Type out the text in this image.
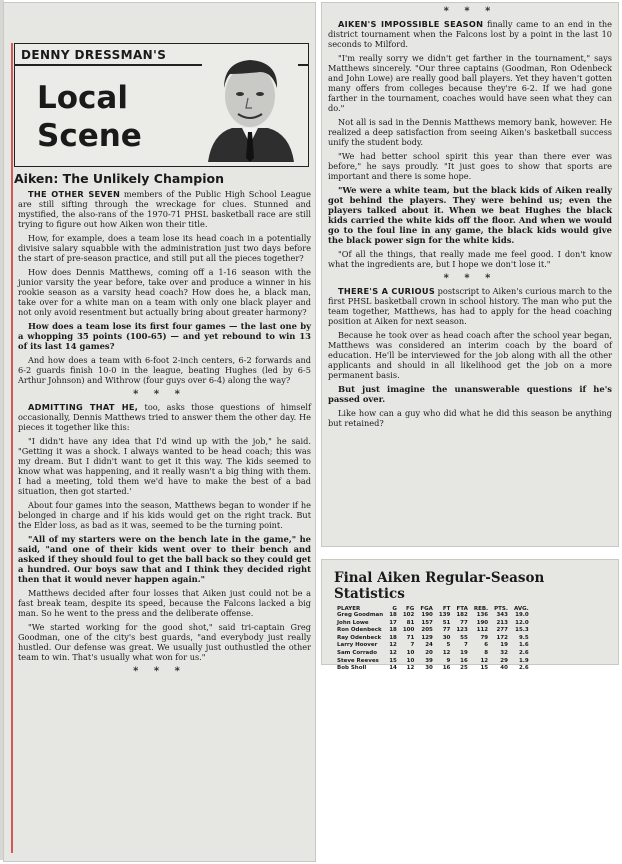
DENNY DRESSMAN'S
Local
Scene
Aiken: The Unlikely Champion

THE OTHER SEVEN members of the Public High School League are still sifting through the wreckage for clues. Stunned and mystified, the also-rans of the 1970-71 PHSL basketball race are still trying to figure out how Aiken won their title.

How, for example, does a team lose its head coach in a potentially divisive salary squabble with the administration just two days before the start of pre-season practice, and still put all the pieces together?

How does Dennis Matthews, coming off a 1-16 season with the junior varsity the year before, take over and produce a winner in his rookie season as a varsity head coach? How does he, a black man, take over for a white man on a team with only one black player and not only avoid resentment but actually bring about greater harmony?

How does a team lose its first four games — the last one by a whopping 35 points (100-65) — and yet rebound to win 13 of its last 14 games?

And how does a team with 6-foot 2-inch centers, 6-2 forwards and 6-2 guards finish 10-0 in the league, beating Hughes (led by 6-5 Arthur Johnson) and Withrow (four guys over 6-4) along the way?

* * *

ADMITTING THAT HE, too, asks those questions of himself occasionally, Dennis Matthews tried to answer them the other day. He pieces it together like this:

"I didn't have any idea that I'd wind up with the job," he said. "Getting it was a shock. I always wanted to be head coach; this was my dream. But I didn't want to get it this way. The kids seemed to know what was happening, and it really wasn't a big thing with them. I had a meeting, told them we'd have to make the best of a bad situation, then got started.'

About four games into the season, Matthews began to wonder if he belonged in charge and if his kids would get on the right track. But the Elder loss, as bad as it was, seemed to be the turning point.

"All of my starters were on the bench late in the game," he said, "and one of their kids went over to their bench and asked if they should foul to get the ball back so they could get a hundred. Our boys saw that and I think they decided right then that it would never happen again."

Matthews decided after four losses that Aiken just could not be a fast break team, despite its speed, because the Falcons lacked a big man. So he went to the press and the deliberate offense.

"We started working for the good shot," said tri-captain Greg Goodman, one of the city's best guards, "and everybody just really hustled. Our defense was great. We usually just outhustled the other team to win. That's usually what won for us."

* * *
* * *

AIKEN'S IMPOSSIBLE SEASON finally came to an end in the district tournament when the Falcons lost by a point in the last 10 seconds to Milford.

"I'm really sorry we didn't get farther in the tournament," says Matthews sincerely. "Our three captains (Goodman, Ron Odenbeck and John Lowe) are really good ball players. Yet they haven't gotten many offers from colleges because they're 6-2. If we had gone farther in the tournament, coaches would have seen what they can do."

Not all is sad in the Dennis Matthews memory bank, however. He realized a deep satisfaction from seeing Aiken's basketball success unify the student body.

"We had better school spirit this year than there ever was before," he says proudly. "It just goes to show that sports are important and there is some hope.

"We were a white team, but the black kids of Aiken really got behind the players. They were behind us; even the players talked about it. When we beat Hughes the black kids carried the white kids off the floor. And when we would go to the foul line in any game, the black kids would give the black power sign for the white kids.

"Of all the things, that really made me feel good. I don't know what the ingredients are, but I hope we don't lose it."

* * *

THERE'S A CURIOUS postscript to Aiken's curious march to the first PHSL basketball crown in school history. The man who put the team together, Matthews, has had to apply for the head coaching position at Aiken for next season.

Because he took over as head coach after the school year began, Matthews was considered an interim coach by the board of education. He'll be interviewed for the job along with all the other applicants and should in all likelihood get the job on a more permanent basis.

But just imagine the unanswerable questions if he's passed over.

Like how can a guy who did what he did this season be anything but retained?

Final Aiken Regular-Season Statistics
PLAYER	G	FG	FGA	FT	FTA	REB.	PTS.	AVG.
Greg Goodman	18	102	190	139	182	136	343	19.0
John Lowe	17	81	157	51	77	190	213	12.0
Ron Odenbeck	18	100	205	77	123	112	277	15.3
Ray Odenbeck	18	71	129	30	55	79	172	9.5
Larry Hoover	12	7	24	5	7	6	19	1.6
Sam Corrado	12	10	20	12	19	8	32	2.6
Steve Reeves	15	10	39	9	16	12	29	1.9
Bob Sholl	14	12	30	16	25	15	40	2.6
